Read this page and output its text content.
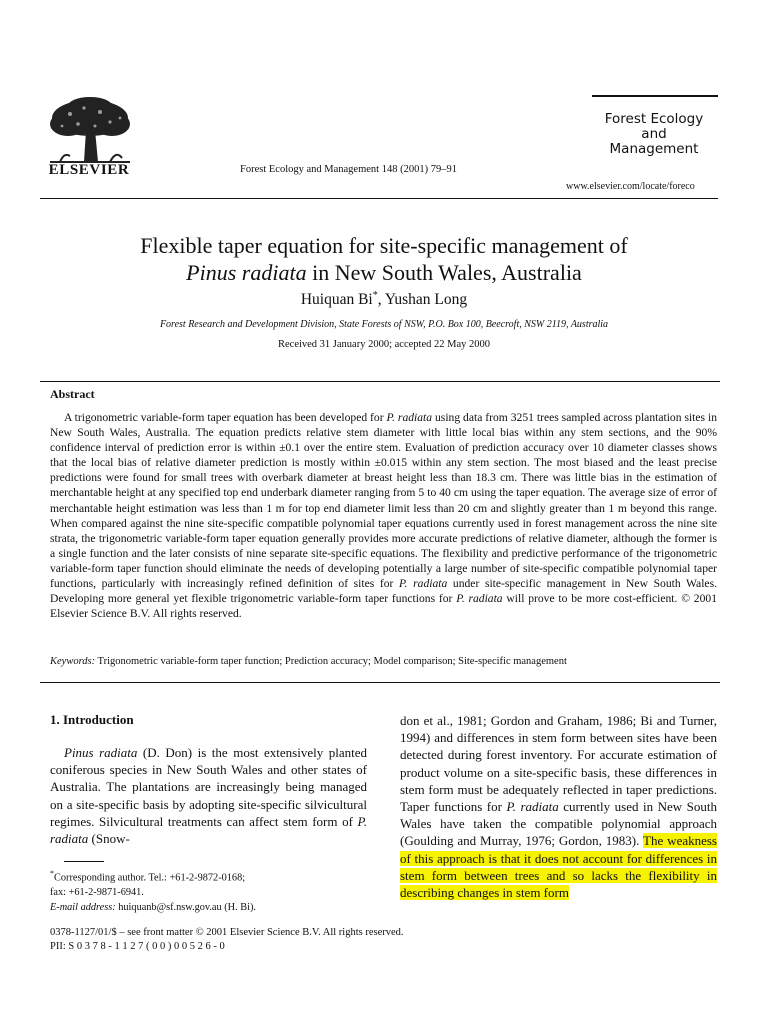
ELSEVIER	Forest Ecology and Management 148 (2001) 79–91
Forest Ecology
and
Management
www.elsevier.com/locate/foreco
Flexible taper equation for site-specific management of
Pinus radiata in New South Wales, Australia
Huiquan Bi*, Yushan Long
Forest Research and Development Division, State Forests of NSW, P.O. Box 100, Beecroft, NSW 2119, Australia
Received 31 January 2000; accepted 22 May 2000
Abstract

A trigonometric variable-form taper equation has been developed for P. radiata using data from 3251 trees sampled across plantation sites in New South Wales, Australia. The equation predicts relative stem diameter with little local bias within any stem sections, and the 90% confidence interval of prediction error is within ±0.1 over the entire stem. Evaluation of prediction accuracy over 10 diameter classes shows that the local bias of relative diameter prediction is mostly within ±0.015 within any stem section. The most biased and the least precise predictions were found for small trees with overbark diameter at breast height less than 18.3 cm. There was little bias in the estimation of merchantable height at any specified top end underbark diameter ranging from 5 to 40 cm using the taper equation. The average size of error of merchantable height estimation was less than 1 m for top end diameter limit less than 20 cm and slightly greater than 1 m beyond this range. When compared against the nine site-specific compatible polynomial taper equations currently used in forest management across the nine site strata, the trigonometric variable-form taper equation generally provides more accurate predictions of relative diameter, although the former is a single function and the later consists of nine separate site-specific equations. The flexibility and predictive performance of the trigonometric variable-form taper function should eliminate the needs of developing potentially a large number of site-specific compatible polynomial taper functions, particularly with increasingly refined definition of sites for P. radiata under site-specific management in New South Wales. Developing more general yet flexible trigonometric variable-form taper functions for P. radiata will prove to be more cost-efficient. © 2001 Elsevier Science B.V. All rights reserved.

Keywords: Trigonometric variable-form taper function; Prediction accuracy; Model comparison; Site-specific management
1. Introduction

Pinus radiata (D. Don) is the most extensively planted coniferous species in New South Wales and other states of Australia. The plantations are increasingly being managed on a site-specific basis by adopting site-specific silvicultural regimes. Silvicultural treatments can affect stem form of P. radiata (Snow-

don et al., 1981; Gordon and Graham, 1986; Bi and Turner, 1994) and differences in stem form between sites have been detected during forest inventory. For accurate estimation of product volume on a site-specific basis, these differences in stem form must be adequately reflected in taper predictions. Taper functions for P. radiata currently used in New South Wales have taken the compatible polynomial approach (Goulding and Murray, 1976; Gordon, 1983). The weakness of this approach is that it does not account for differences in stem form between trees and so lacks the flexibility in describing changes in stem form

*Corresponding author. Tel.: +61-2-9872-0168;
fax: +61-2-9871-6941.
E-mail address: huiquanb@sf.nsw.gov.au (H. Bi).
0378-1127/01/$ – see front matter © 2001 Elsevier Science B.V. All rights reserved.
PII: S 0 3 7 8 - 1 1 2 7 ( 0 0 ) 0 0 5 2 6 - 0
